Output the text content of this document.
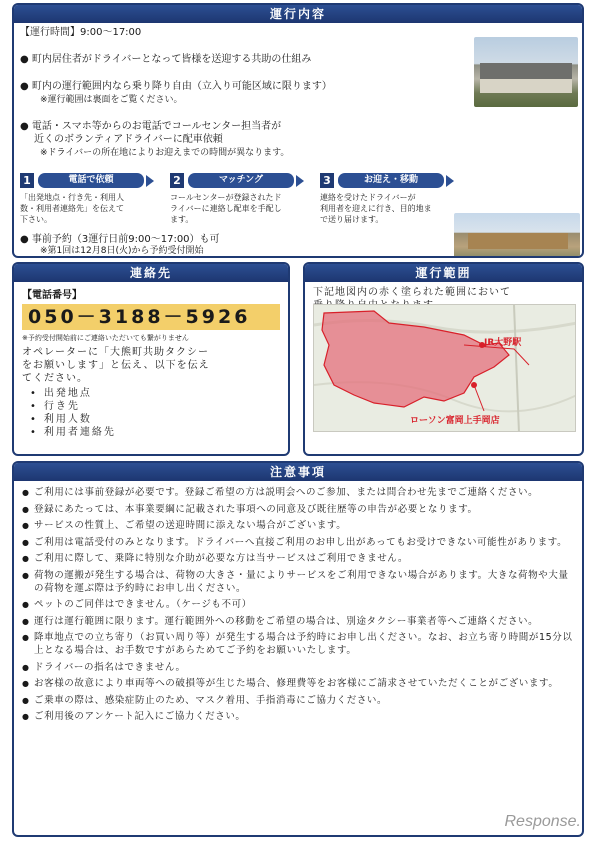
運行内容
【運行時間】9:00～17:00
● 町内居住者がドライバーとなって皆様を送迎する共助の仕組み
● 町内の運行範囲内なら乗り降り自由（立入り可能区域に限ります）
※運行範囲は裏面をご覧ください。
● 電話・スマホ等からのお電話でコールセンター担当者が
近くのボランティアドライバーに配車依頼
※ドライバーの所在地によりお迎えまでの時間が異なります。
1	電話で依頼
「出発地点・行き先・利用人
数・利用者連絡先」を伝えて
下さい。
2	マッチング
コールセンターが登録されたド
ライバーに連絡し配車を手配し
ます。
3	お迎え・移動
連絡を受けたドライバーが
利用者を迎えに行き、目的地ま
で送り届けます。
● 事前予約（3運行日前9:00～17:00）も可
※第1回は12月8日(火)から予約受付開始
連絡先
【電話番号】
050－3188－5926
※予約受付開始前にご連絡いただいても繋がりません
オペレーターに「大熊町共助タクシー
をお願いします」と伝え、以下を伝え
てください。
• 出発地点
• 行き先
• 利用人数
• 利用者連絡先
運行範囲
下記地図内の赤く塗られた範囲において
JR大野駅
ローソン富岡上手岡店
注意事項
● ご利用には事前登録が必要です。登録ご希望の方は説明会へのご参加、または問合わせ先までご連絡ください。
● 登録にあたっては、本事業要綱に記載された事項への同意及び既往歴等の申告が必要となります。
● サービスの性質上、ご希望の送迎時間に添えない場合がございます。
● ご利用は電話受付のみとなります。ドライバーへ直接ご利用のお申し出があってもお受けできない可能性があります。
● ご利用に際して、乗降に特別な介助が必要な方は当サービスはご利用できません。
● 荷物の運搬が発生する場合は、荷物の大きさ・量によりサービスをご利用できない場合があります。大きな荷物や大量の荷物を運ぶ際は予約時にお申し出ください。
● ペットのご同伴はできません。（ケージも不可）
● 運行は運行範囲に限ります。運行範囲外への移動をご希望の場合は、別途タクシー事業者等へご連絡ください。
● 降車地点での立ち寄り（お買い周り等）が発生する場合は予約時にお申し出ください。なお、お立ち寄り時間が15分以上となる場合は、お手数ですがあらためてご予約をお願いいたします。
● ドライバーの指名はできません。
● お客様の故意により車両等への破損等が生じた場合、修理費等をお客様にご請求させていただくことがございます。
● ご乗車の際は、感染症防止のため、マスク着用、手指消毒にご協力ください。
● ご利用後のアンケート記入にご協力ください。
Response.
